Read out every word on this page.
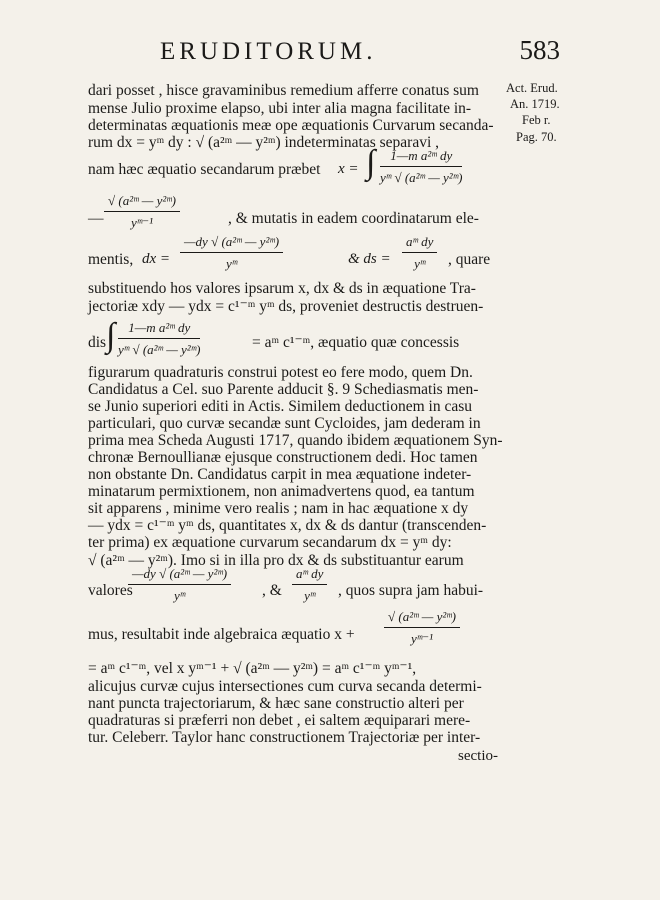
ERUDITORUM.	583
Act. Erud.
An. 1719.
Feb r.
Pag. 70.
dari posset , hisce gravaminibus remedium afferre conatus sum
mense Julio proxime elapso, ubi inter alia magna facilitate in-
determinatas æquationis meæ ope æquationis Curvarum secanda-
rum dx = yᵐ dy : √ (a²ᵐ — y²ᵐ) indeterminatas separavi ,
nam hæc æquatio secandarum præbet x = ∫ $\frac{\text{1—m a²ᵐ dy}}{\text{yᵐ √ (a²ᵐ — y²ᵐ)}}$
— $\frac{\text{√ (a²ᵐ — y²ᵐ)}}{\text{yᵐ⁻¹}}$	, & mutatis in eadem coordinatarum ele-
mentis, dx = $\frac{\text{—dy √ (a²ᵐ — y²ᵐ)}}{\text{yᵐ}}$	& ds = $\frac{\text{aᵐ dy}}{\text{yᵐ}}$ , quare
substituendo hos valores ipsarum x, dx & ds in æquatione Tra-
jectoriæ xdy — ydx = c¹⁻ᵐ yᵐ ds, proveniet destructis destruen-
dis ∫ $\frac{\text{1—m a²ᵐ dy}}{\text{yᵐ √ (a²ᵐ — y²ᵐ)}}$	= aᵐ c¹⁻ᵐ, æquatio quæ concessis
figurarum quadraturis construi potest eo fere modo, quem Dn.
Candidatus a Cel. suo Parente adducit §. 9 Schediasmatis men-
se Junio superiori editi in Actis. Similem deductionem in casu
particulari, quo curvæ secandæ sunt Cycloides, jam dederam in
prima mea Scheda Augusti 1717, quando ibidem æquationem Syn-
chronæ Bernoullianæ ejusque constructionem dedi. Hoc tamen
non obstante Dn. Candidatus carpit in mea æquatione indeter-
minatarum permixtionem, non animadvertens quod, ea tantum
sit apparens , minime vero realis ; nam in hac æquatione x dy
— ydx = c¹⁻ᵐ yᵐ ds, quantitates x, dx & ds dantur (transcenden-
ter prima) ex æquatione curvarum secandarum dx = yᵐ dy:
√ (a²ᵐ — y²ᵐ). Imo si in illa pro dx & ds substituantur earum
valores
$\frac{\text{—dy √ (a²ᵐ — y²ᵐ)}}{\text{yᵐ}}$ , & $\frac{\text{aᵐ dy}}{\text{yᵐ}}$ , quos supra jam habui-
mus, resultabit inde algebraica æquatio $x + \frac{\text{√ (a²ᵐ — y²ᵐ)}}{\text{yᵐ⁻¹}}$
= aᵐ c¹⁻ᵐ, vel x yᵐ⁻¹ + √ (a²ᵐ — y²ᵐ) = aᵐ c¹⁻ᵐ yᵐ⁻¹,
alicujus curvæ cujus intersectiones cum curva secanda determi-
nant puncta trajectoriarum, & hæc sane constructio alteri per
quadraturas si præferri non debet , ei saltem æquiparari mere-
tur. Celeberr. Taylor hanc constructionem Trajectoriæ per inter-
sectio-
